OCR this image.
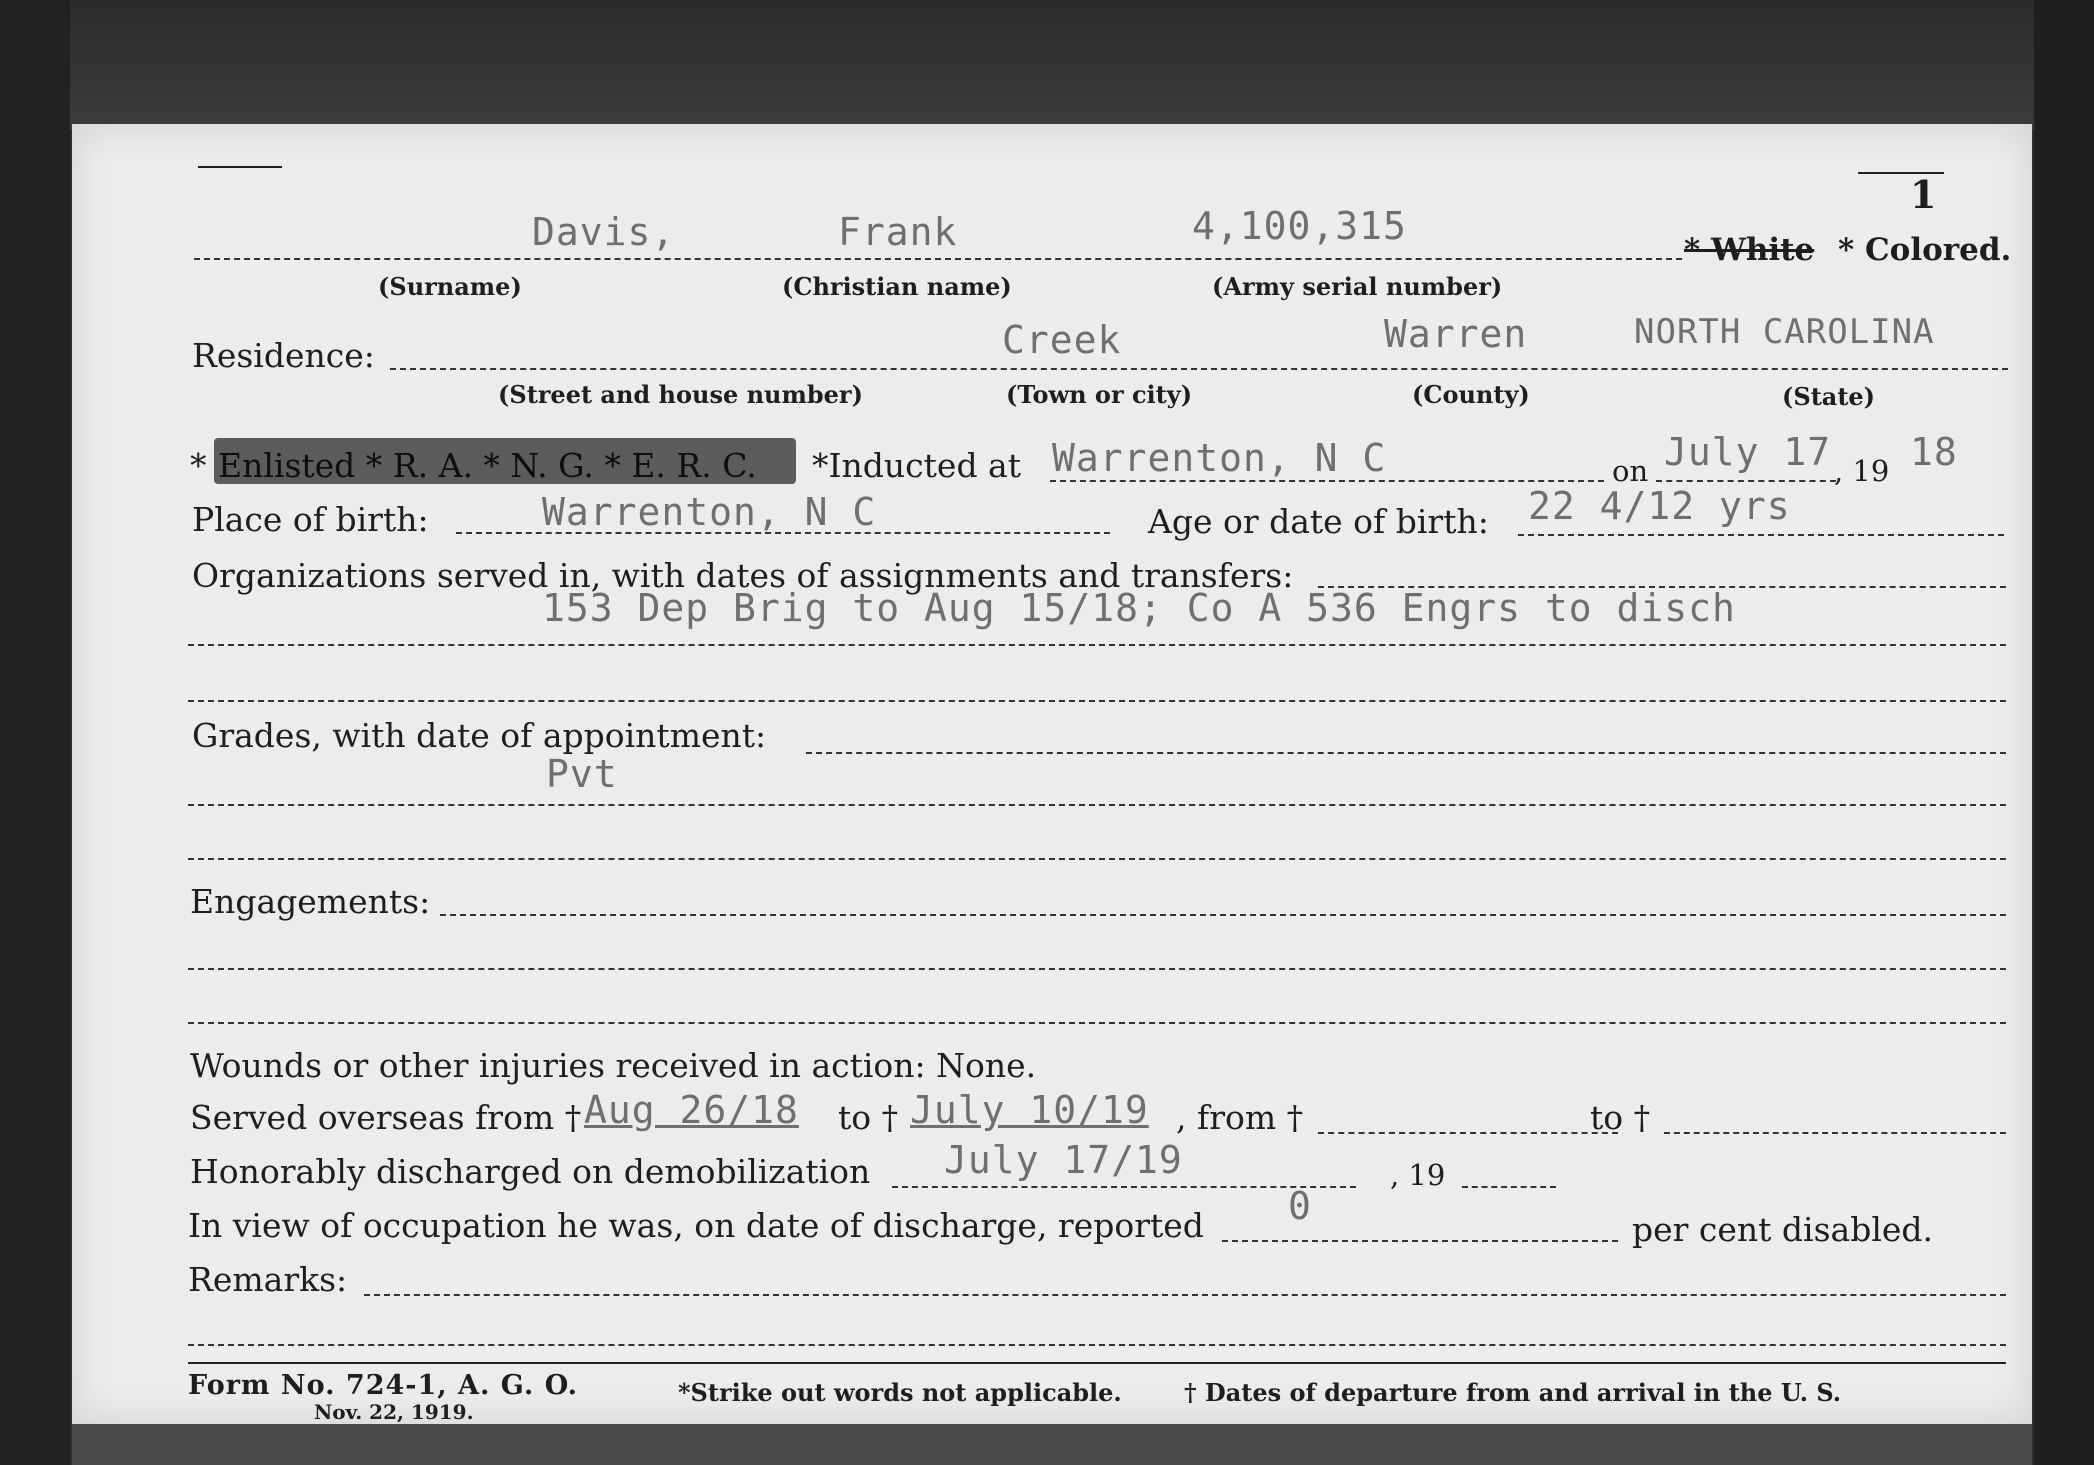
1
Davis,	Frank	4,100,315
* White * Colored.
(Surname)	(Christian name)	(Army serial number)
Residence:	Creek	Warren	NORTH CAROLINA
(Street and house number)	(Town or city)	(County)	(State)
* Enlisted * R. A. * N. G. * E. R. C. *Inducted at Warrenton, N C	on July 17 , 19 18
Place of birth:	Warrenton, N C	Age or date of birth: 22 4/12 yrs
Organizations served in, with dates of assignments and transfers:
153 Dep Brig to Aug 15/18; Co A 536 Engrs to disch
Grades, with date of appointment:
Pvt
Engagements:
Wounds or other injuries received in action: None.
Served overseas from † Aug 26/18 to † July 10/19 , from †	to †
Honorably discharged on demobilization July 17/19	, 19
In view of occupation he was, on date of discharge, reported 0
per cent disabled.
Remarks:
Form No. 724-1, A. G. O.
Nov. 22, 1919.
*Strike out words not applicable.	† Dates of departure from and arrival in the U. S.
